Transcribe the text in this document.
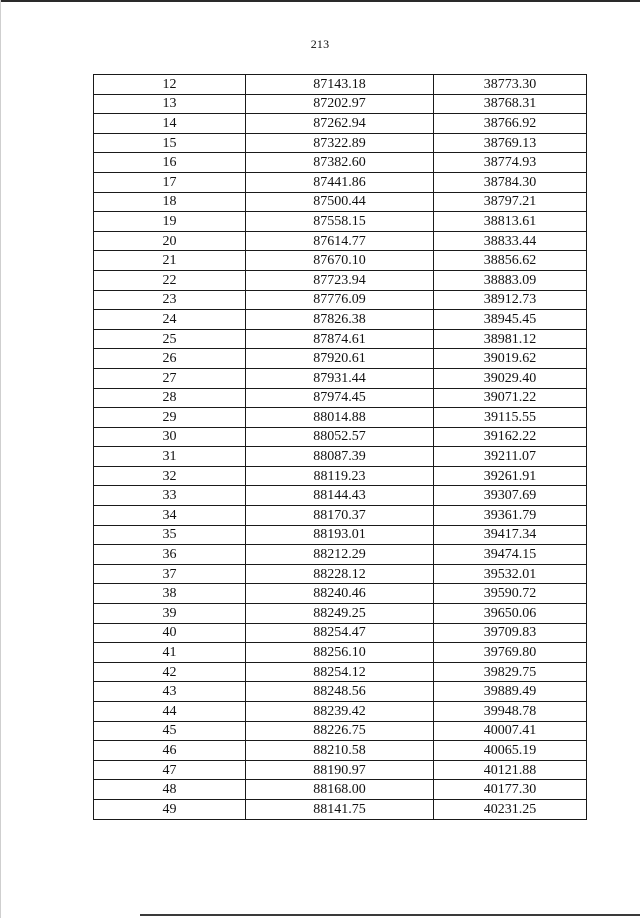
213
12	87143.18	38773.30
13	87202.97	38768.31
14	87262.94	38766.92
15	87322.89	38769.13
16	87382.60	38774.93
17	87441.86	38784.30
18	87500.44	38797.21
19	87558.15	38813.61
20	87614.77	38833.44
21	87670.10	38856.62
22	87723.94	38883.09
23	87776.09	38912.73
24	87826.38	38945.45
25	87874.61	38981.12
26	87920.61	39019.62
27	87931.44	39029.40
28	87974.45	39071.22
29	88014.88	39115.55
30	88052.57	39162.22
31	88087.39	39211.07
32	88119.23	39261.91
33	88144.43	39307.69
34	88170.37	39361.79
35	88193.01	39417.34
36	88212.29	39474.15
37	88228.12	39532.01
38	88240.46	39590.72
39	88249.25	39650.06
40	88254.47	39709.83
41	88256.10	39769.80
42	88254.12	39829.75
43	88248.56	39889.49
44	88239.42	39948.78
45	88226.75	40007.41
46	88210.58	40065.19
47	88190.97	40121.88
48	88168.00	40177.30
49	88141.75	40231.25
